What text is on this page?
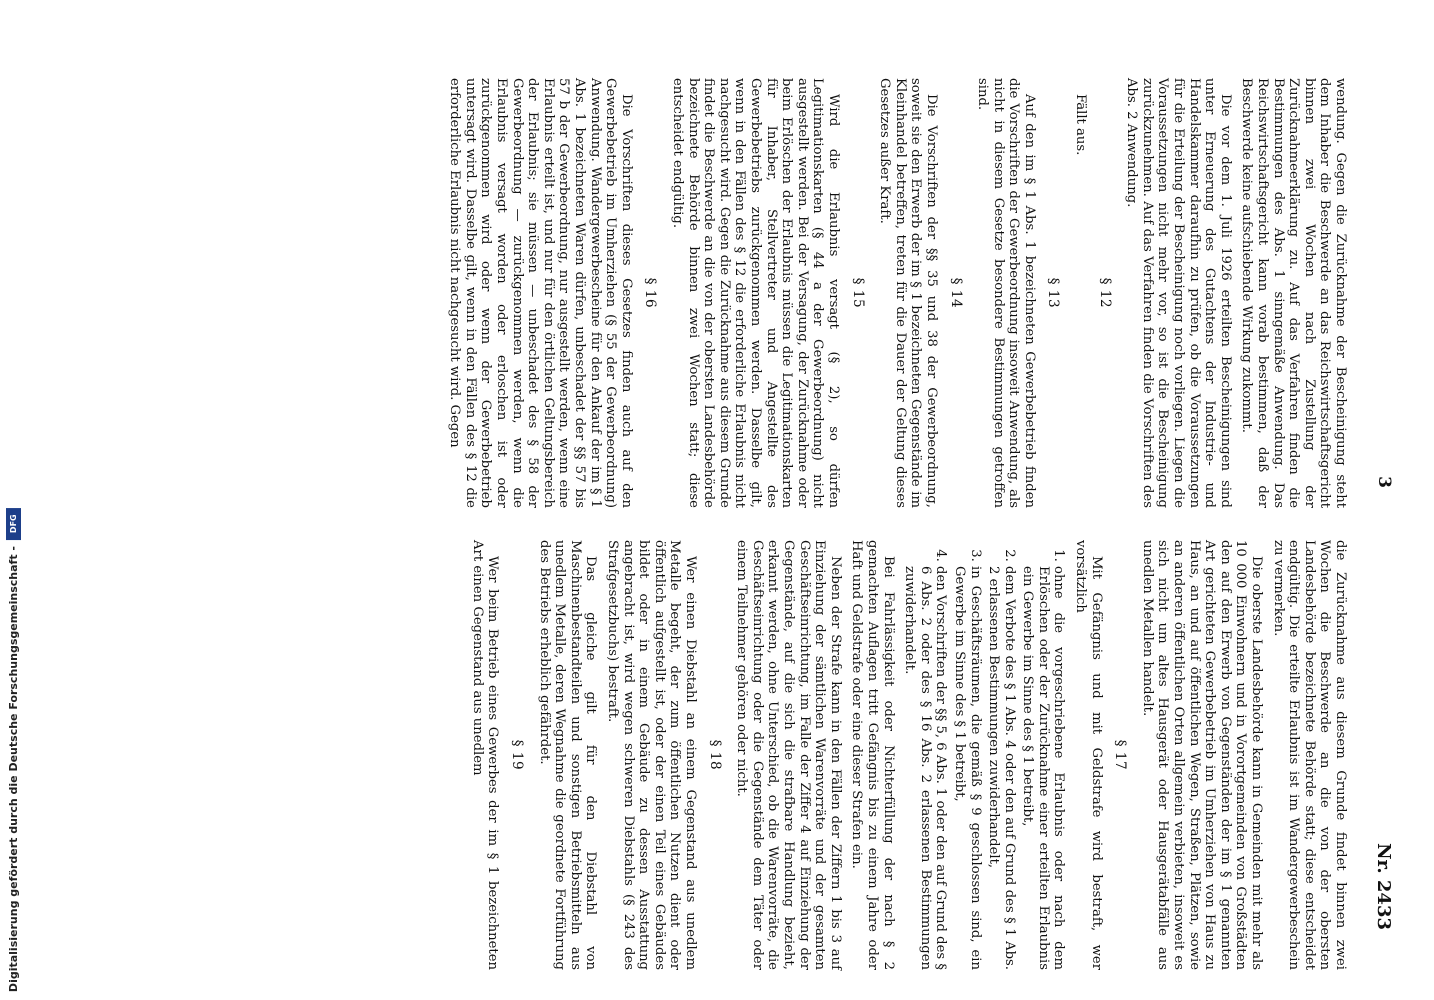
3
Nr. 2433

wendung. Gegen die Zurücknahme der Bescheinigung steht dem Inhaber die Beschwerde an das Reichswirtschaftsgericht binnen zwei Wochen nach Zustellung der Zurücknahmeerklärung zu. Auf das Verfahren finden die Bestimmungen des Abs. 1 sinngemäße Anwendung. Das Reichswirtschaftsgericht kann vorab bestimmen, daß der Beschwerde keine aufschiebende Wirkung zukommt.

Die vor dem 1. Juli 1926 erteilten Bescheinigungen sind unter Erneuerung des Gutachtens der Industrie- und Handelskammer daraufhin zu prüfen, ob die Voraussetzungen für die Erteilung der Bescheinigung noch vorliegen. Liegen die Voraussetzungen nicht mehr vor, so ist die Bescheinigung zurückzunehmen. Auf das Verfahren finden die Vorschriften des Abs. 2 Anwendung.

§ 12

Fällt aus.

§ 13

Auf den im § 1 Abs. 1 bezeichneten Gewerbebetrieb finden die Vorschriften der Gewerbeordnung insoweit Anwendung, als nicht in diesem Gesetze besondere Bestimmungen getroffen sind.

§ 14

Die Vorschriften der §§ 35 und 38 der Gewerbeordnung, soweit sie den Erwerb der im § 1 bezeichneten Gegenstände im Kleinhandel betreffen, treten für die Dauer der Geltung dieses Gesetzes außer Kraft.

§ 15

Wird die Erlaubnis versagt (§ 2), so dürfen Legitimationskarten (§ 44 a der Gewerbeordnung) nicht ausgestellt werden. Bei der Versagung, der Zurücknahme oder beim Erlöschen der Erlaubnis müssen die Legitimationskarten für Inhaber, Stellvertreter und Angestellte des Gewerbebetriebs zurückgenommen werden. Dasselbe gilt, wenn in den Fällen des § 12 die erforderliche Erlaubnis nicht nachgesucht wird. Gegen die Zurücknahme aus diesem Grunde findet die Beschwerde an die von der obersten Landesbehörde bezeichnete Behörde binnen zwei Wochen statt; diese entscheidet endgültig.

§ 16

Die Vorschriften dieses Gesetzes finden auch auf den Gewerbebetrieb im Umherziehen (§ 55 der Gewerbeordnung) Anwendung. Wandergewerbescheine für den Ankauf der im § 1 Abs. 1 bezeichneten Waren dürfen, unbeschadet der §§ 57 bis 57 b der Gewerbeordnung, nur ausgestellt werden, wenn eine Erlaubnis erteilt ist, und nur für den örtlichen Geltungsbereich der Erlaubnis; sie müssen — unbeschadet des § 58 der Gewerbeordnung — zurückgenommen werden, wenn die Erlaubnis versagt worden oder erloschen ist oder zurückgenommen wird oder wenn der Gewerbebetrieb untersagt wird. Dasselbe gilt, wenn in den Fällen des § 12 die erforderliche Erlaubnis nicht nachgesucht wird. Gegen

die Zurücknahme aus diesem Grunde findet binnen zwei Wochen die Beschwerde an die von der obersten Landesbehörde bezeichnete Behörde statt; diese entscheidet endgültig. Die erteilte Erlaubnis ist im Wandergewerbeschein zu vermerken.

Die oberste Landesbehörde kann in Gemeinden mit mehr als 10 000 Einwohnern und in Vorortgemeinden von Großstädten den auf den Erwerb von Gegenständen der im § 1 genannten Art gerichteten Gewerbebetrieb im Umherziehen von Haus zu Haus, an und auf öffentlichen Wegen, Straßen, Plätzen, sowie an anderen öffentlichen Orten allgemein verbieten, insoweit es sich nicht um altes Hausgerät oder Hausgerätabfälle aus unedlen Metallen handelt.

§ 17

Mit Gefängnis und mit Geldstrafe wird bestraft, wer vorsätzlich

1. ohne die vorgeschriebene Erlaubnis oder nach dem Erlöschen oder der Zurücknahme einer erteilten Erlaubnis ein Gewerbe im Sinne des § 1 betreibt,
2. dem Verbote des § 1 Abs. 4 oder den auf Grund des § 1 Abs. 2 erlassenen Bestimmungen zuwiderhandelt,
3. in Geschäftsräumen, die gemäß § 9 geschlossen sind, ein Gewerbe im Sinne des § 1 betreibt,
4. den Vorschriften der §§ 5, 6 Abs. 1 oder den auf Grund des § 6 Abs. 2 oder des § 16 Abs. 2 erlassenen Bestimmungen zuwiderhandelt.

Bei Fahrlässigkeit oder Nichterfüllung der nach § 2 gemachten Auflagen tritt Gefängnis bis zu einem Jahre oder Haft und Geldstrafe oder eine dieser Strafen ein.

Neben der Strafe kann in den Fällen der Ziffern 1 bis 3 auf Einziehung der sämtlichen Warenvorräte und der gesamten Geschäftseinrichtung, im Falle der Ziffer 4 auf Einziehung der Gegenstände, auf die sich die strafbare Handlung bezieht, erkannt werden, ohne Unterschied, ob die Warenvorräte, die Geschäftseinrichtung oder die Gegenstände dem Täter oder einem Teilnehmer gehören oder nicht.

§ 18

Wer einen Diebstahl an einem Gegenstand aus unedlem Metalle begeht, der zum öffentlichen Nutzen dient oder öffentlich aufgestellt ist, oder der einen Teil eines Gebäudes bildet oder in einem Gebäude zu dessen Ausstattung angebracht ist, wird wegen schweren Diebstahls (§ 243 des Strafgesetzbuchs) bestraft.

Das gleiche gilt für den Diebstahl von Maschinenbestandteilen und sonstigen Betriebsmitteln aus unedlem Metalle, deren Wegnahme die geordnete Fortführung des Betriebs erheblich gefährdet.

§ 19

Wer beim Betrieb eines Gewerbes der im § 1 bezeichneten Art einen Gegenstand aus unedlem

Digitalisierung gefördert durch die Deutsche Forschungsgemeinschaft -
DFG
